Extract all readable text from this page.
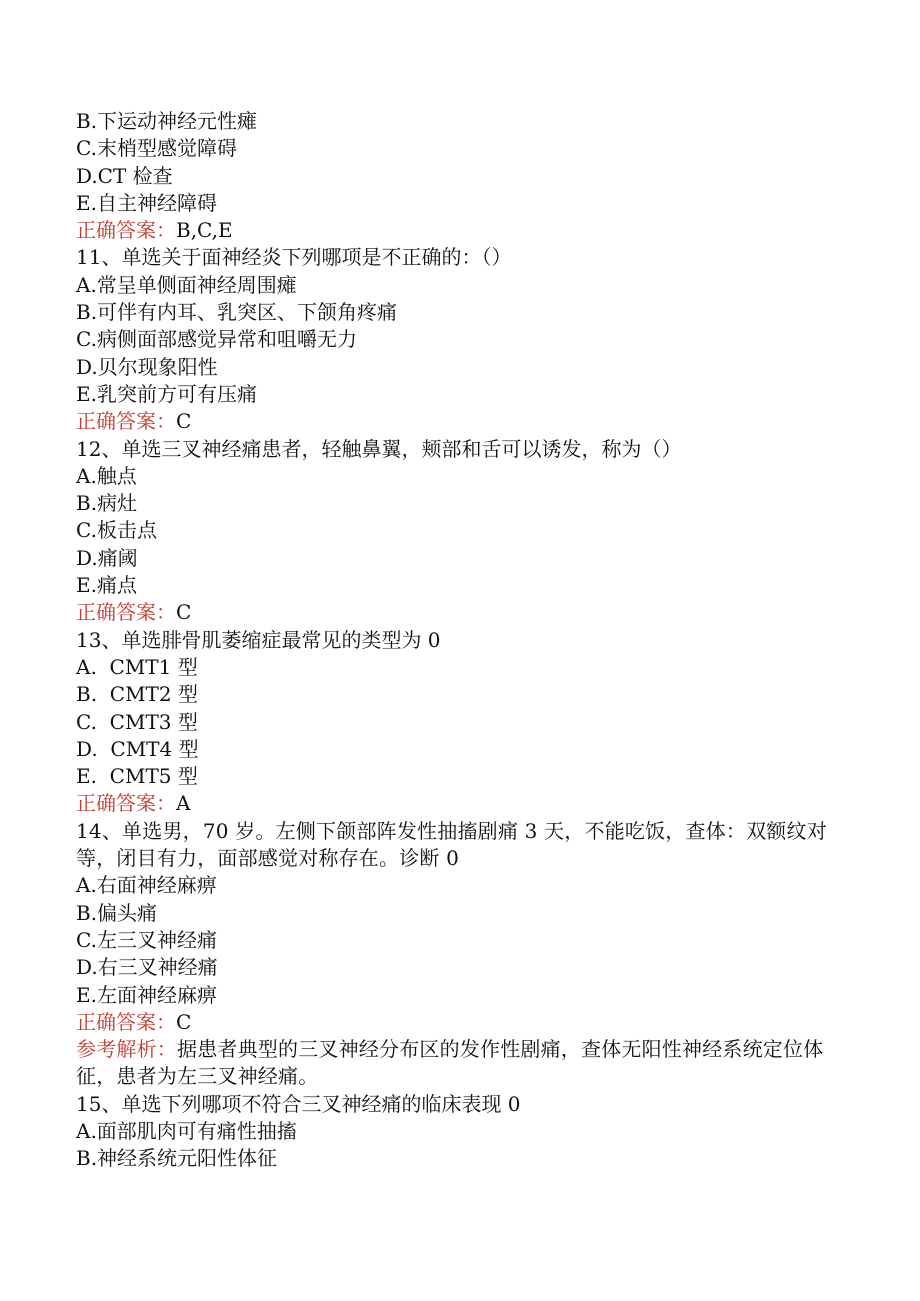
B.下运动神经元性瘫
C.末梢型感觉障碍
D.CT 检查
E.自主神经障碍
正确答案：B,C,E
11、单选关于面神经炎下列哪项是不正确的：（）
A.常呈单侧面神经周围瘫
B.可伴有内耳、乳突区、下颌角疼痛
C.病侧面部感觉异常和咀嚼无力
D.贝尔现象阳性
E.乳突前方可有压痛
正确答案：C
12、单选三叉神经痛患者，轻触鼻翼，颊部和舌可以诱发，称为（）
A.触点
B.病灶
C.板击点
D.痛阈
E.痛点
正确答案：C
13、单选腓骨肌萎缩症最常见的类型为 0
A.  CMT1 型
B.  CMT2 型
C.  CMT3 型
D.  CMT4 型
E.  CMT5 型
正确答案：A
14、单选男，70 岁。左侧下颌部阵发性抽搐剧痛 3 天，不能吃饭，查体：双额纹对等，闭目有力，面部感觉对称存在。诊断 0
A.右面神经麻痹
B.偏头痛
C.左三叉神经痛
D.右三叉神经痛
E.左面神经麻痹
正确答案：C
参考解析：据患者典型的三叉神经分布区的发作性剧痛，查体无阳性神经系统定位体征，患者为左三叉神经痛。
15、单选下列哪项不符合三叉神经痛的临床表现 0
A.面部肌肉可有痛性抽搐
B.神经系统元阳性体征
